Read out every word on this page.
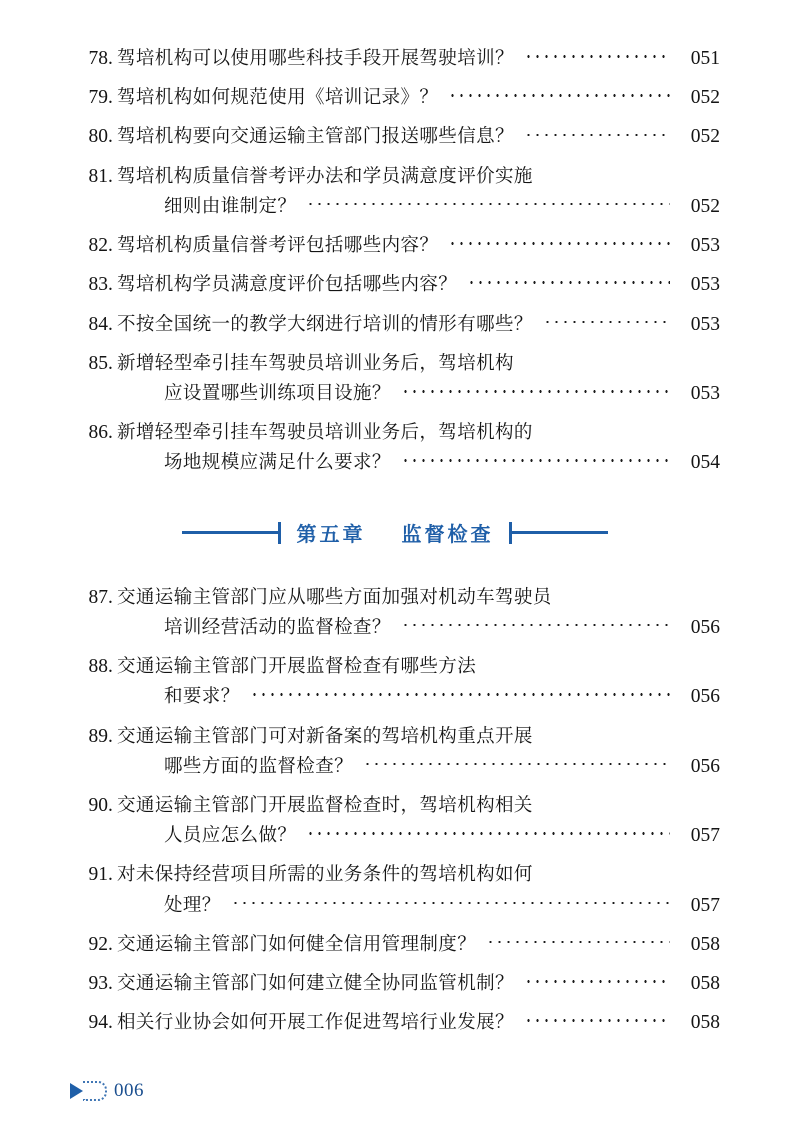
78 . 驾培机构可以使用哪些科技手段开展驾驶培训？	051
79 . 驾培机构如何规范使用《培训记录》？	052
80 . 驾培机构要向交通运输主管部门报送哪些信息？	052
81 . 驾培机构质量信誉考评办法和学员满意度评价实施
细则由谁制定？	052
82 . 驾培机构质量信誉考评包括哪些内容？	053
83 . 驾培机构学员满意度评价包括哪些内容？	053
84 . 不按全国统一的教学大纲进行培训的情形有哪些？	053
85 . 新增轻型牵引挂车驾驶员培训业务后，驾培机构
应设置哪些训练项目设施？	053
86 . 新增轻型牵引挂车驾驶员培训业务后，驾培机构的
场地规模应满足什么要求？	054
第五章 监督检查
87 . 交通运输主管部门应从哪些方面加强对机动车驾驶员
培训经营活动的监督检查？	056
88 . 交通运输主管部门开展监督检查有哪些方法
和要求？	056
89 . 交通运输主管部门可对新备案的驾培机构重点开展
哪些方面的监督检查？	056
90 . 交通运输主管部门开展监督检查时，驾培机构相关
人员应怎么做？	057
91 . 对未保持经营项目所需的业务条件的驾培机构如何
处理？	057
92 . 交通运输主管部门如何健全信用管理制度？	058
93 . 交通运输主管部门如何建立健全协同监管机制？	058
94 . 相关行业协会如何开展工作促进驾培行业发展？	058
006
